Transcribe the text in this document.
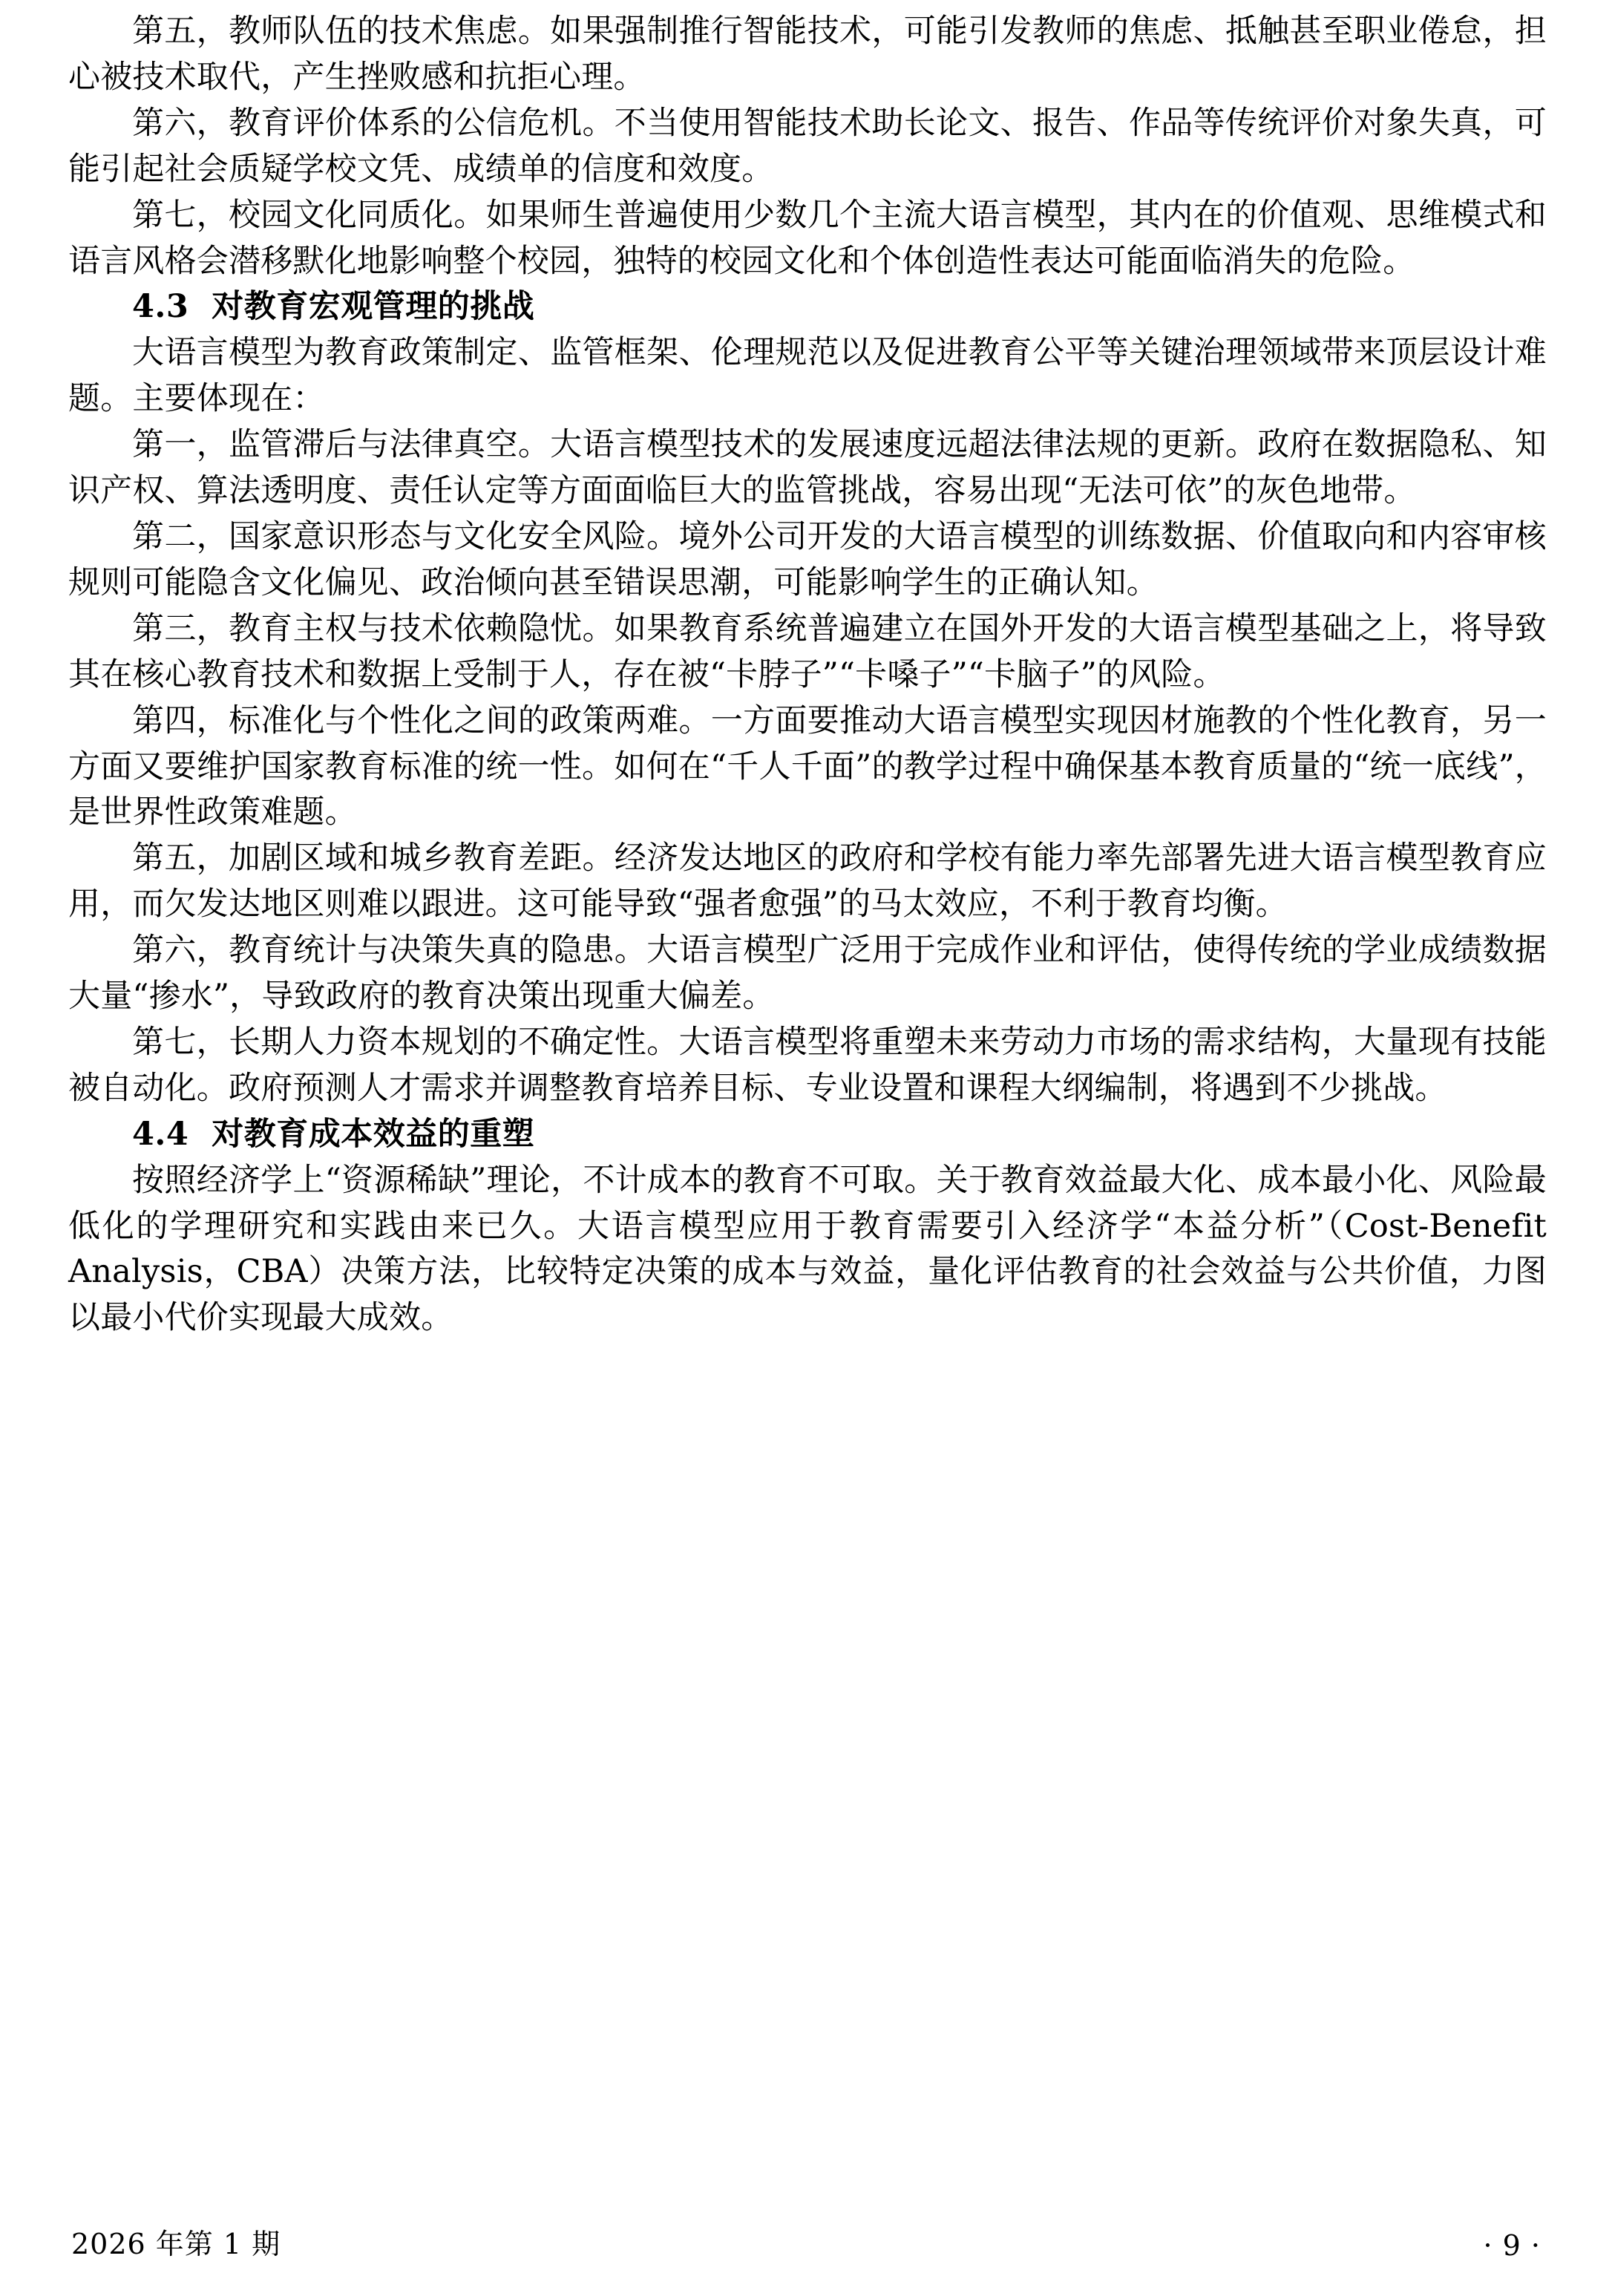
第五，教师队伍的技术焦虑。如果强制推行智能技术，可能引发教师的焦虑、抵触甚至职业倦怠，担心被技术取代，产生挫败感和抗拒心理。

第六，教育评价体系的公信危机。不当使用智能技术助长论文、报告、作品等传统评价对象失真，可能引起社会质疑学校文凭、成绩单的信度和效度。

第七，校园文化同质化。如果师生普遍使用少数几个主流大语言模型，其内在的价值观、思维模式和语言风格会潜移默化地影响整个校园，独特的校园文化和个体创造性表达可能面临消失的危险。

4.3 对教育宏观管理的挑战

大语言模型为教育政策制定、监管框架、伦理规范以及促进教育公平等关键治理领域带来顶层设计难题。主要体现在：

第一，监管滞后与法律真空。大语言模型技术的发展速度远超法律法规的更新。政府在数据隐私、知识产权、算法透明度、责任认定等方面面临巨大的监管挑战，容易出现“无法可依”的灰色地带。

第二，国家意识形态与文化安全风险。境外公司开发的大语言模型的训练数据、价值取向和内容审核规则可能隐含文化偏见、政治倾向甚至错误思潮，可能影响学生的正确认知。

第三，教育主权与技术依赖隐忧。如果教育系统普遍建立在国外开发的大语言模型基础之上，将导致其在核心教育技术和数据上受制于人，存在被“卡脖子”“卡嗓子”“卡脑子”的风险。

第四，标准化与个性化之间的政策两难。一方面要推动大语言模型实现因材施教的个性化教育，另一方面又要维护国家教育标准的统一性。如何在“千人千面”的教学过程中确保基本教育质量的“统一底线”，是世界性政策难题。

第五，加剧区域和城乡教育差距。经济发达地区的政府和学校有能力率先部署先进大语言模型教育应用，而欠发达地区则难以跟进。这可能导致“强者愈强”的马太效应，不利于教育均衡。

第六，教育统计与决策失真的隐患。大语言模型广泛用于完成作业和评估，使得传统的学业成绩数据大量“掺水”，导致政府的教育决策出现重大偏差。

第七，长期人力资本规划的不确定性。大语言模型将重塑未来劳动力市场的需求结构，大量现有技能被自动化。政府预测人才需求并调整教育培养目标、专业设置和课程大纲编制，将遇到不少挑战。

4.4 对教育成本效益的重塑

按照经济学上“资源稀缺”理论，不计成本的教育不可取。关于教育效益最大化、成本最小化、风险最低化的学理研究和实践由来已久。大语言模型应用于教育需要引入经济学“本益分析”（Cost-Benefit　Analysis，CBA）决策方法，比较特定决策的成本与效益，量化评估教育的社会效益与公共价值，力图以最小代价实现最大成效。

2026 年第 1 期	· 9 ·
